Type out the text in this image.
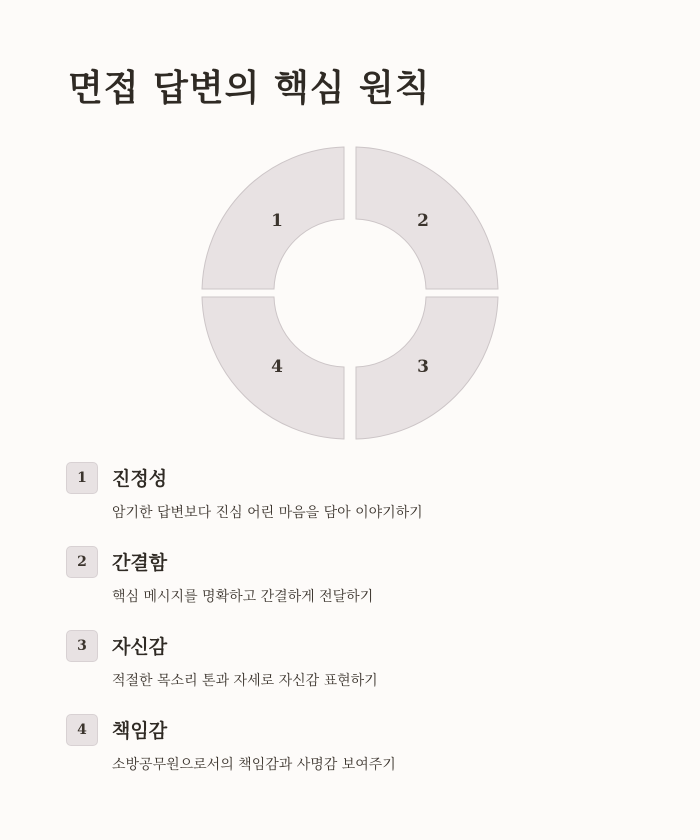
면접 답변의 핵심 원칙
1	2
3
4
1	진정성
암기한 답변보다 진심 어린 마음을 담아 이야기하기
2	간결함
핵심 메시지를 명확하고 간결하게 전달하기
3	자신감
적절한 목소리 톤과 자세로 자신감 표현하기
4	책임감
소방공무원으로서의 책임감과 사명감 보여주기
